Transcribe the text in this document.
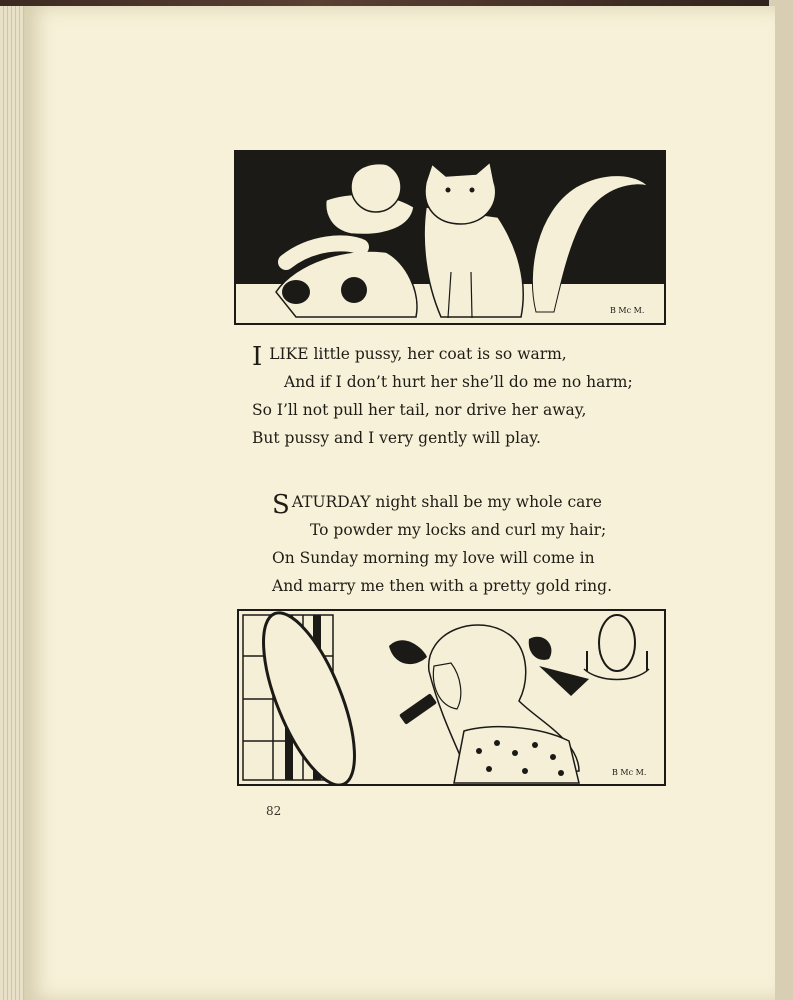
B Mc M.
I LIKE little pussy, her coat is so warm,
And if I don’t hurt her she’ll do me no harm;
So I’ll not pull her tail, nor drive her away,
But pussy and I very gently will play.
SATURDAY night shall be my whole care
To powder my locks and curl my hair;
On Sunday morning my love will come in
And marry me then with a pretty gold ring.
B Mc M.
82
